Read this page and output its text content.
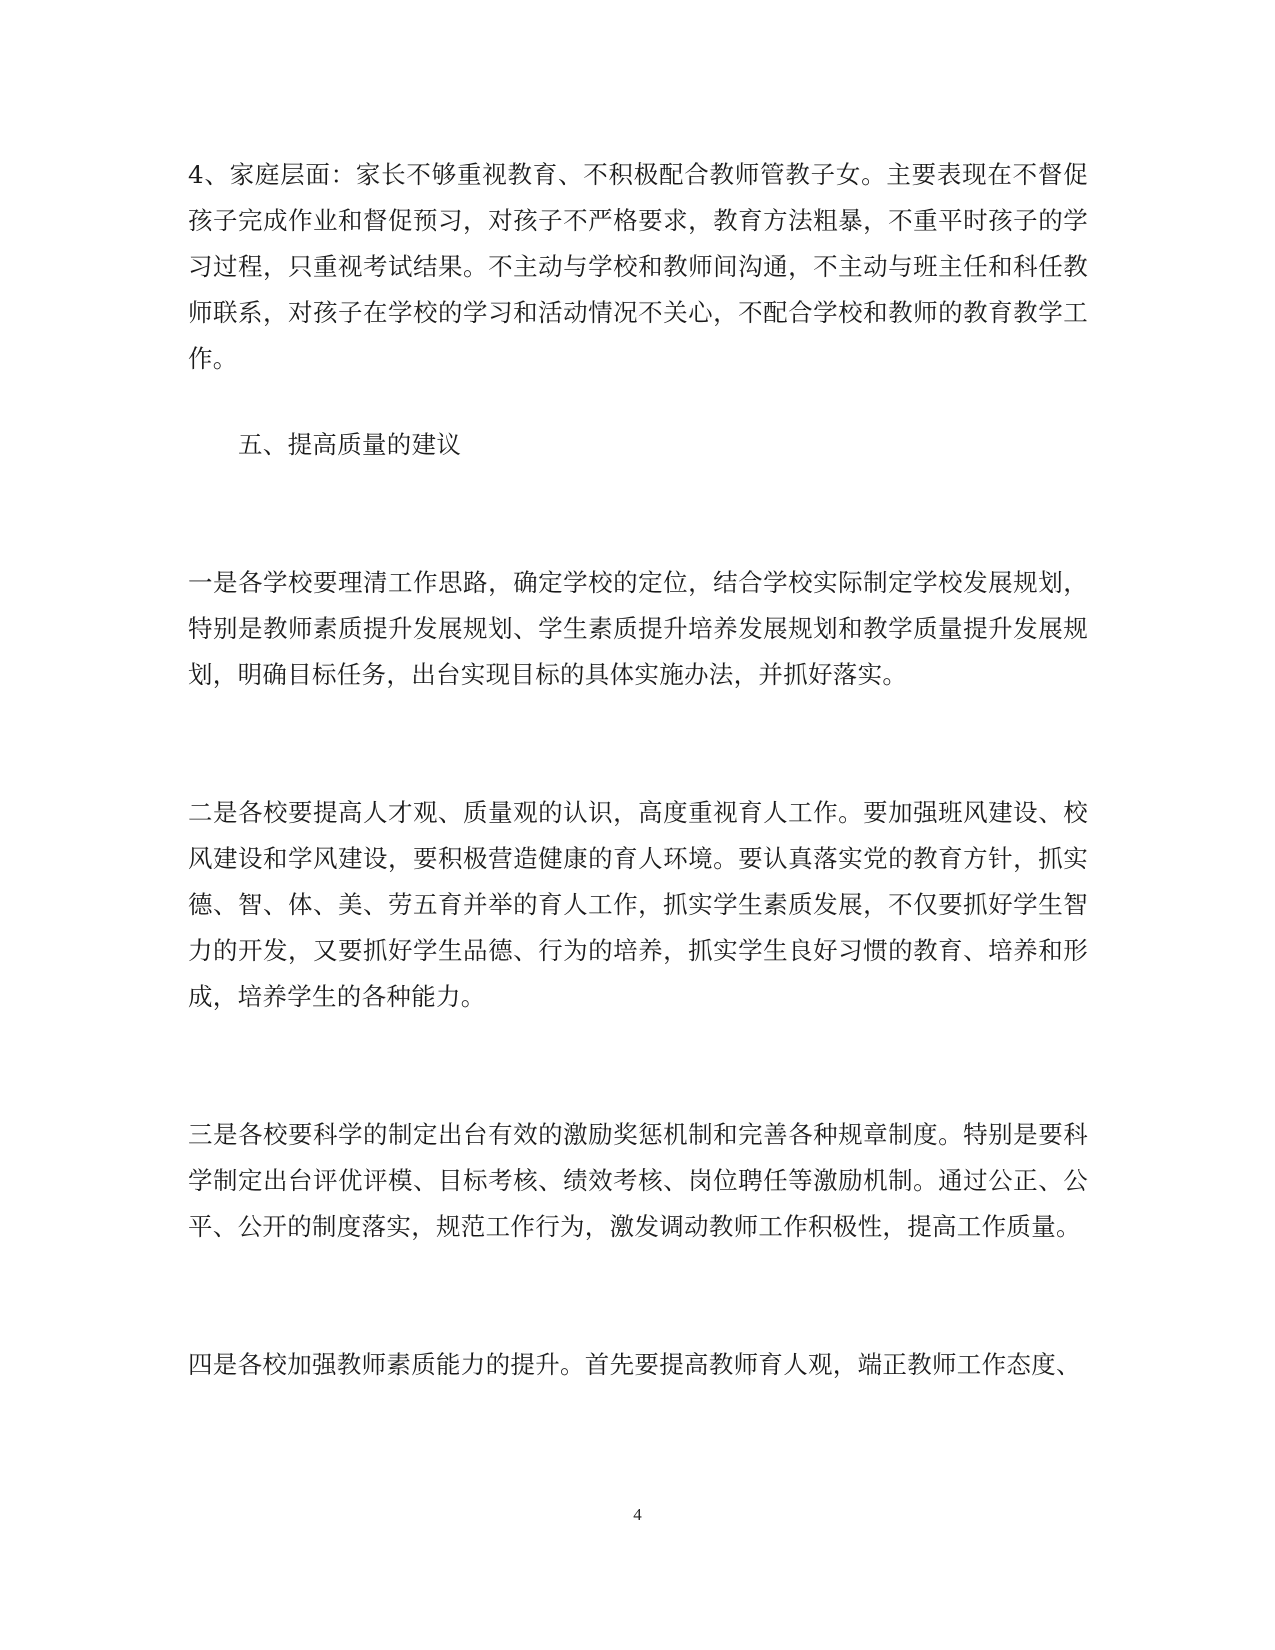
4、家庭层面：家长不够重视教育、不积极配合教师管教子女。主要表现在不督促孩子完成作业和督促预习，对孩子不严格要求，教育方法粗暴，不重平时孩子的学习过程，只重视考试结果。不主动与学校和教师间沟通，不主动与班主任和科任教师联系，对孩子在学校的学习和活动情况不关心，不配合学校和教师的教育教学工作。

五、提高质量的建议

一是各学校要理清工作思路，确定学校的定位，结合学校实际制定学校发展规划，特别是教师素质提升发展规划、学生素质提升培养发展规划和教学质量提升发展规划，明确目标任务，出台实现目标的具体实施办法，并抓好落实。

二是各校要提高人才观、质量观的认识，高度重视育人工作。要加强班风建设、校风建设和学风建设，要积极营造健康的育人环境。要认真落实党的教育方针，抓实德、智、体、美、劳五育并举的育人工作，抓实学生素质发展，不仅要抓好学生智力的开发，又要抓好学生品德、行为的培养，抓实学生良好习惯的教育、培养和形成，培养学生的各种能力。

三是各校要科学的制定出台有效的激励奖惩机制和完善各种规章制度。特别是要科学制定出台评优评模、目标考核、绩效考核、岗位聘任等激励机制。通过公正、公平、公开的制度落实，规范工作行为，激发调动教师工作积极性，提高工作质量。

四是各校加强教师素质能力的提升。首先要提高教师育人观，端正教师工作态度、

4
